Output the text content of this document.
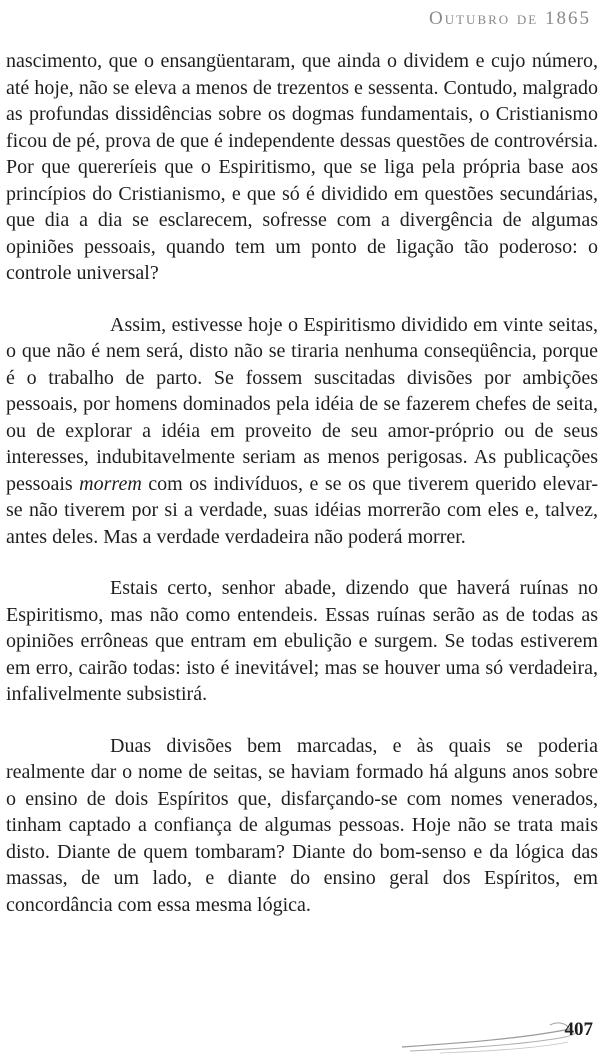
Outubro de 1865

nascimento, que o ensangüentaram, que ainda o dividem e cujo número, até hoje, não se eleva a menos de trezentos e sessenta. Contudo, malgrado as profundas dissidências sobre os dogmas fundamentais, o Cristianismo ficou de pé, prova de que é independente dessas questões de controvérsia. Por que quereríeis que o Espiritismo, que se liga pela própria base aos princípios do Cristianismo, e que só é dividido em questões secundárias, que dia a dia se esclarecem, sofresse com a divergência de algumas opiniões pessoais, quando tem um ponto de ligação tão poderoso: o controle universal?

Assim, estivesse hoje o Espiritismo dividido em vinte seitas, o que não é nem será, disto não se tiraria nenhuma conseqüência, porque é o trabalho de parto. Se fossem suscitadas divisões por ambições pessoais, por homens dominados pela idéia de se fazerem chefes de seita, ou de explorar a idéia em proveito de seu amor-próprio ou de seus interesses, indubitavelmente seriam as menos perigosas. As publicações pessoais morrem com os indivíduos, e se os que tiverem querido elevar-se não tiverem por si a verdade, suas idéias morrerão com eles e, talvez, antes deles. Mas a verdade verdadeira não poderá morrer.

Estais certo, senhor abade, dizendo que haverá ruínas no Espiritismo, mas não como entendeis. Essas ruínas serão as de todas as opiniões errôneas que entram em ebulição e surgem. Se todas estiverem em erro, cairão todas: isto é inevitável; mas se houver uma só verdadeira, infalivelmente subsistirá.

Duas divisões bem marcadas, e às quais se poderia realmente dar o nome de seitas, se haviam formado há alguns anos sobre o ensino de dois Espíritos que, disfarçando-se com nomes venerados, tinham captado a confiança de algumas pessoas. Hoje não se trata mais disto. Diante de quem tombaram? Diante do bom-senso e da lógica das massas, de um lado, e diante do ensino geral dos Espíritos, em concordância com essa mesma lógica.

407
